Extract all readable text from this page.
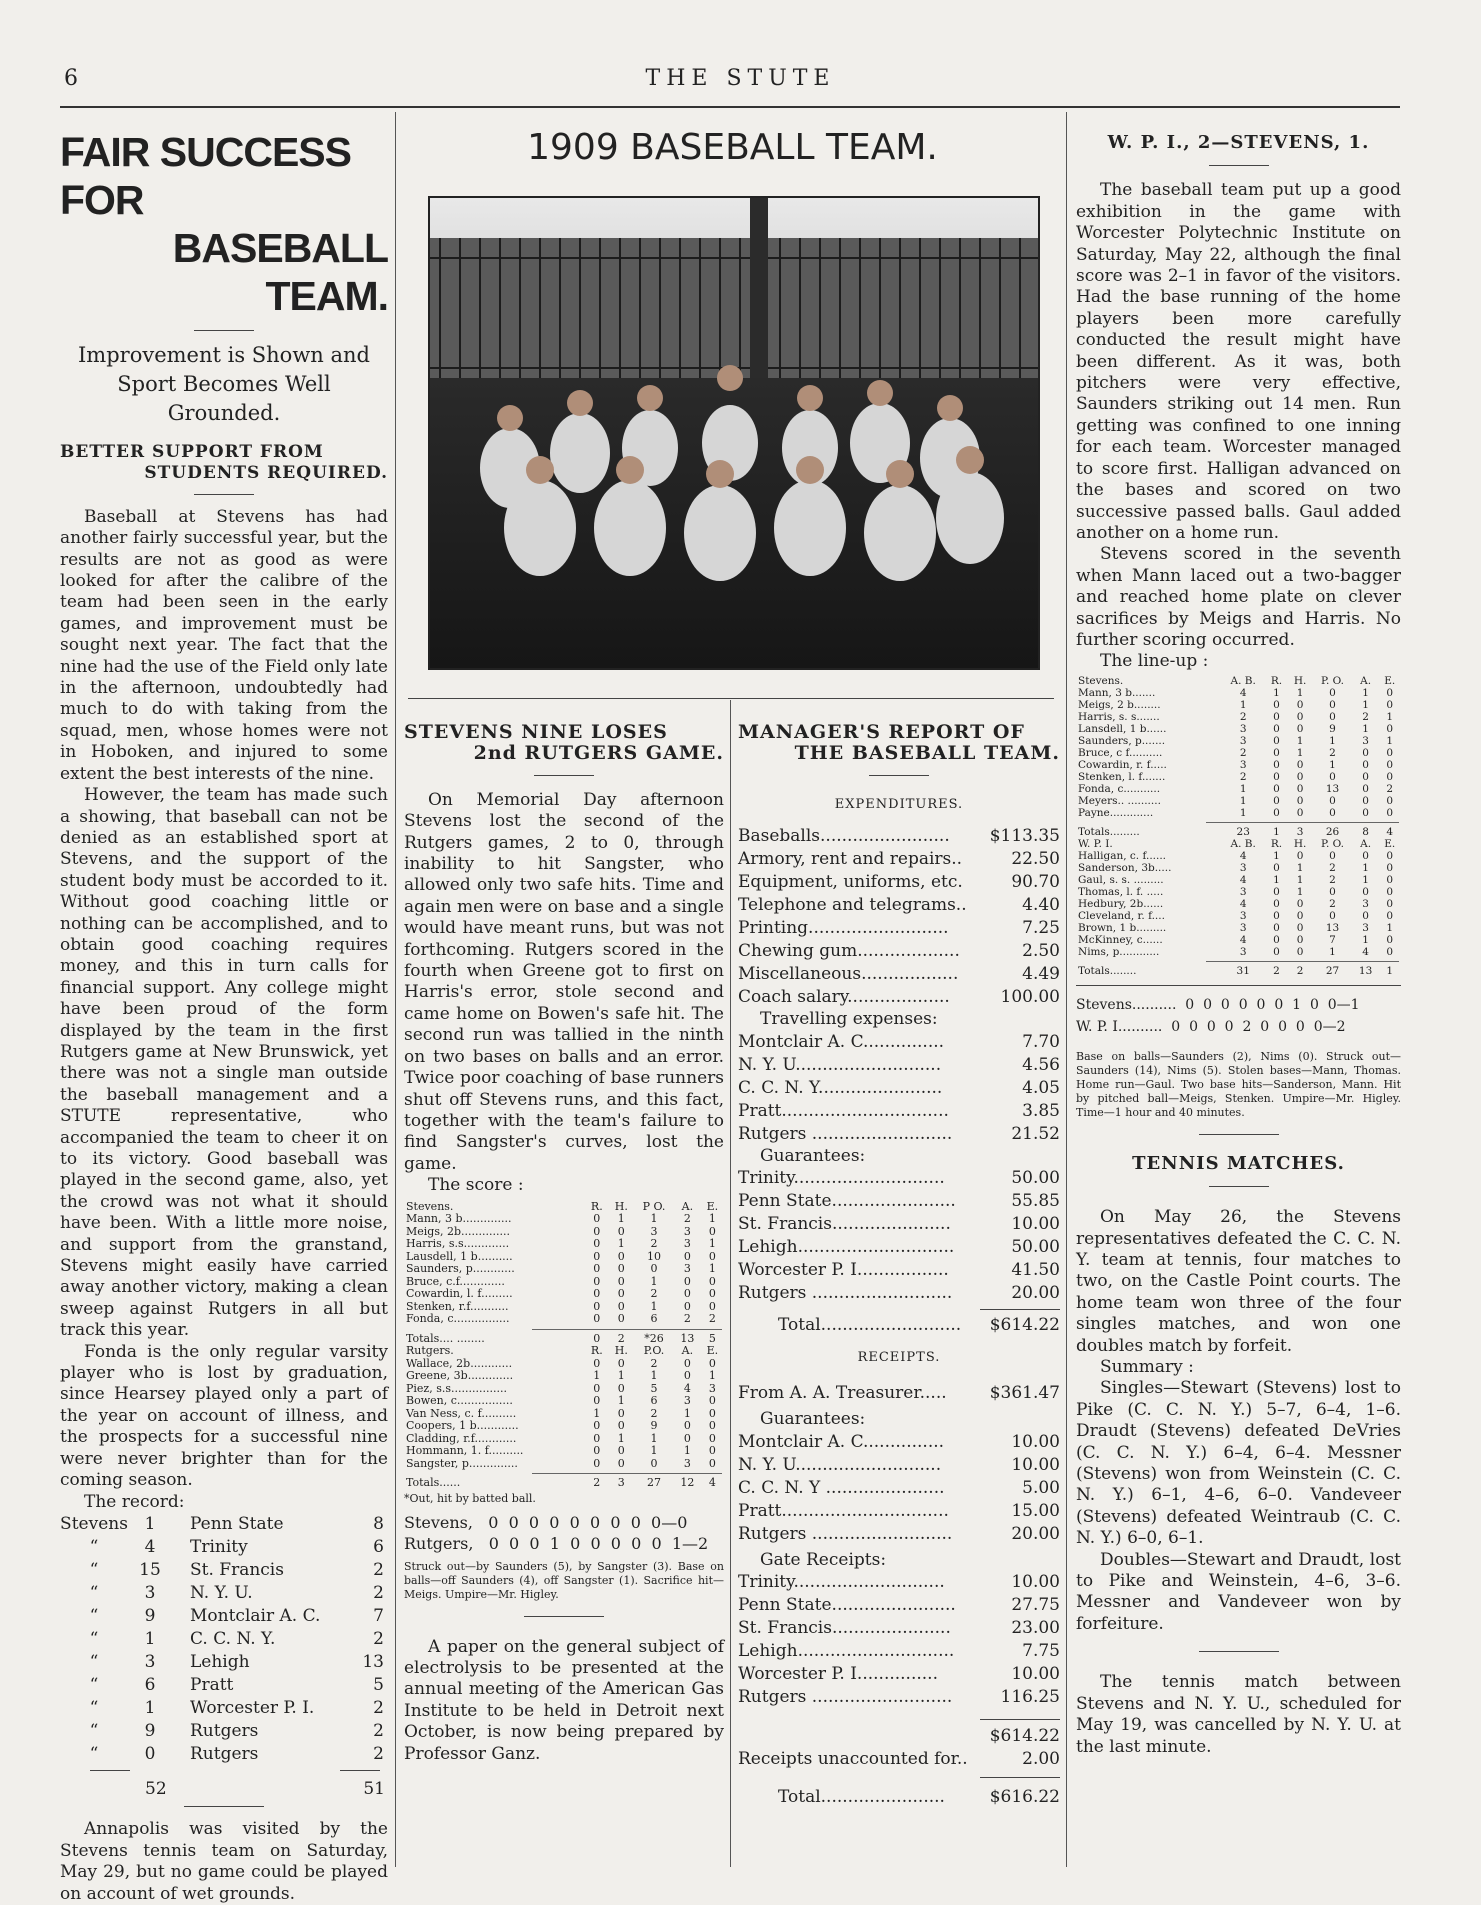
6	THE STUTE
FAIR SUCCESS FOR
BASEBALL TEAM.
Improvement is Shown and Sport Becomes Well Grounded.
BETTER SUPPORT FROM
STUDENTS REQUIRED.

Baseball at Stevens has had another fairly successful year, but the results are not as good as were looked for after the calibre of the team had been seen in the early games, and improvement must be sought next year. The fact that the nine had the use of the Field only late in the afternoon, undoubtedly had much to do with taking from the squad, men, whose homes were not in Hoboken, and injured to some extent the best interests of the nine.

However, the team has made such a showing, that baseball can not be denied as an established sport at Stevens, and the support of the student body must be accorded to it. Without good coaching little or nothing can be accomplished, and to obtain good coaching requires money, and this in turn calls for financial support. Any college might have been proud of the form displayed by the team in the first Rutgers game at New Brunswick, yet there was not a single man outside the baseball management and a STUTE representative, who accompanied the team to cheer it on to its victory. Good baseball was played in the second game, also, yet the crowd was not what it should have been. With a little more noise, and support from the granstand, Stevens might easily have carried away another victory, making a clean sweep against Rutgers in all but track this year.

Fonda is the only regular varsity player who is lost by graduation, since Hearsey played only a part of the year on account of illness, and the prospects for a successful nine were never brighter than for the coming season.

The record:

Stevens	1	Penn State	8
“	4	Trinity	6
“	15	St. Francis	2
“	3	N. Y. U.	2
“	9	Montclair A. C.	7
“	1	C. C. N. Y.	2
“	3	Lehigh	13
“	6	Pratt	5
“	1	Worcester P. I.	2
“	9	Rutgers	2
“	0	Rutgers	2
52	51

Annapolis was visited by the Stevens tennis team on Saturday, May 29, but no game could be played on account of wet grounds.

1909 BASEBALL TEAM.
STEVENS NINE LOSES
2nd RUTGERS GAME.

On Memorial Day afternoon Stevens lost the second of the Rutgers games, 2 to 0, through inability to hit Sangster, who allowed only two safe hits. Time and again men were on base and a single would have meant runs, but was not forthcoming. Rutgers scored in the fourth when Greene got to first on Harris's error, stole second and came home on Bowen's safe hit. The second run was tallied in the ninth on two bases on balls and an error. Twice poor coaching of base runners shut off Stevens runs, and this fact, together with the team's failure to find Sangster's curves, lost the game.

The score :

Stevens.	R.	H.	P O.	A.	E.
Mann, 3 b..............	0	1	1	2	1
Meigs, 2b..............	0	0	3	3	0
Harris, s.s.............	0	1	2	3	1
Lausdell, 1 b..........	0	0	10	0	0
Saunders, p............	0	0	0	3	1
Bruce, c.f.............	0	0	1	0	0
Cowardin, l. f.........	0	0	2	0	0
Stenken, r.f...........	0	0	1	0	0
Fonda, c................	0	0	6	2	2

Totals.... ........	0	2	*26	13	5
Rutgers.	R.	H.	P.O.	A.	E.
Wallace, 2b............	0	0	2	0	0
Greene, 3b.............	1	1	1	0	1
Piez, s.s................	0	0	5	4	3
Bowen, c................	0	1	6	3	0
Van Ness, c. f..........	1	0	2	1	0
Coopers, 1 b............	0	0	9	0	0
Cladding, r.f............	0	1	1	0	0
Hommann, 1. f..........	0	0	1	1	0
Sangster, p..............	0	0	0	3	0

Totals......	2	3	27	12	4
*Out, hit by batted ball.
Stevens,   0  0  0  0  0  0  0  0  0—0
Rutgers,   0  0  0  1  0  0  0  0  0  1—2
Struck out—by Saunders (5), by Sangster (3). Base on balls—off Saunders (4), off Sangster (1). Sacrifice hit—Meigs. Umpire—Mr. Higley.

A paper on the general subject of electrolysis to be presented at the annual meeting of the American Gas Institute to be held in Detroit next October, is now being prepared by Professor Ganz.

MANAGER'S REPORT OF
THE BASEBALL TEAM.
EXPENDITURES.
Baseballs........................	$113.35
Armory, rent and repairs..	22.50
Equipment, uniforms, etc.	90.70
Telephone and telegrams..	4.40
Printing..........................	7.25
Chewing gum...................	2.50
Miscellaneous..................	4.49
Coach salary...................	100.00
Travelling expenses:
Montclair A. C...............	7.70
N. Y. U...........................	4.56
C. C. N. Y.......................	4.05
Pratt...............................	3.85
Rutgers ..........................	21.52
Guarantees:
Trinity............................	50.00
Penn State.......................	55.85
St. Francis......................	10.00
Lehigh.............................	50.00
Worcester P. I.................	41.50
Rutgers ..........................	20.00
Total..........................	$614.22
RECEIPTS.
From A. A. Treasurer.....	$361.47
Guarantees:
Montclair A. C...............	10.00
N. Y. U...........................	10.00
C. C. N. Y ......................	5.00
Pratt...............................	15.00
Rutgers ..........................	20.00
Gate Receipts:
Trinity............................	10.00
Penn State.......................	27.75
St. Francis......................	23.00
Lehigh.............................	7.75
Worcester P. I...............	10.00
Rutgers ..........................	116.25
$614.22
Receipts unaccounted for..	2.00
Total.......................	$616.22
W. P. I., 2—STEVENS, 1.

The baseball team put up a good exhibition in the game with Worcester Polytechnic Institute on Saturday, May 22, although the final score was 2–1 in favor of the visitors. Had the base running of the home players been more carefully conducted the result might have been different. As it was, both pitchers were very effective, Saunders striking out 14 men. Run getting was confined to one inning for each team. Worcester managed to score first. Halligan advanced on the bases and scored on two successive passed balls. Gaul added another on a home run.

Stevens scored in the seventh when Mann laced out a two-bagger and reached home plate on clever sacrifices by Meigs and Harris. No further scoring occurred.

The line-up :

Stevens.	A. B.	R.	H.	P. O.	A.	E.
Mann, 3 b.......	4	1	1	0	1	0
Meigs, 2 b........	1	0	0	0	1	0
Harris, s. s.......	2	0	0	0	2	1
Lansdell, 1 b......	3	0	0	9	1	0
Saunders, p.......	3	0	1	1	3	1
Bruce, c f..........	2	0	1	2	0	0
Cowardin, r. f.....	3	0	0	1	0	0
Stenken, l. f.......	2	0	0	0	0	0
Fonda, c...........	1	0	0	13	0	2
Meyers.. ..........	1	0	0	0	0	0
Payne.............	1	0	0	0	0	0

Totals.........	23	1	3	26	8	4
W. P. I.	A. B.	R.	H.	P. O.	A.	E.
Halligan, c. f......	4	1	0	0	0	0
Sanderson, 3b.....	3	0	1	2	1	0
Gaul, s. s. .........	4	1	1	2	1	0
Thomas, l. f. .....	3	0	1	0	0	0
Hedbury, 2b......	4	0	0	2	3	0
Cleveland, r. f....	3	0	0	0	0	0
Brown, 1 b.........	3	0	0	13	3	1
McKinney, c......	4	0	0	7	1	0
Nims, p............	3	0	0	1	4	0

Totals........	31	2	2	27	13	1
Stevens..........  0  0  0  0  0  0  1  0  0—1
W. P. I..........  0  0  0  0  2  0  0  0  0—2
Base on balls—Saunders (2), Nims (0). Struck out—Saunders (14), Nims (5). Stolen bases—Mann, Thomas. Home run—Gaul. Two base hits—Sanderson, Mann. Hit by pitched ball—Meigs, Stenken. Umpire—Mr. Higley. Time—1 hour and 40 minutes.
TENNIS MATCHES.

On May 26, the Stevens representatives defeated the C. C. N. Y. team at tennis, four matches to two, on the Castle Point courts. The home team won three of the four singles matches, and won one doubles match by forfeit.

Summary :

Singles—Stewart (Stevens) lost to Pike (C. C. N. Y.) 5–7, 6–4, 1–6. Draudt (Stevens) defeated DeVries (C. C. N. Y.) 6–4, 6–4. Messner (Stevens) won from Weinstein (C. C. N. Y.) 6–1, 4–6, 6–0. Vandeveer (Stevens) defeated Weintraub (C. C. N. Y.) 6–0, 6–1.

Doubles—Stewart and Draudt, lost to Pike and Weinstein, 4–6, 3–6. Messner and Vandeveer won by forfeiture.

The tennis match between Stevens and N. Y. U., scheduled for May 19, was cancelled by N. Y. U. at the last minute.
